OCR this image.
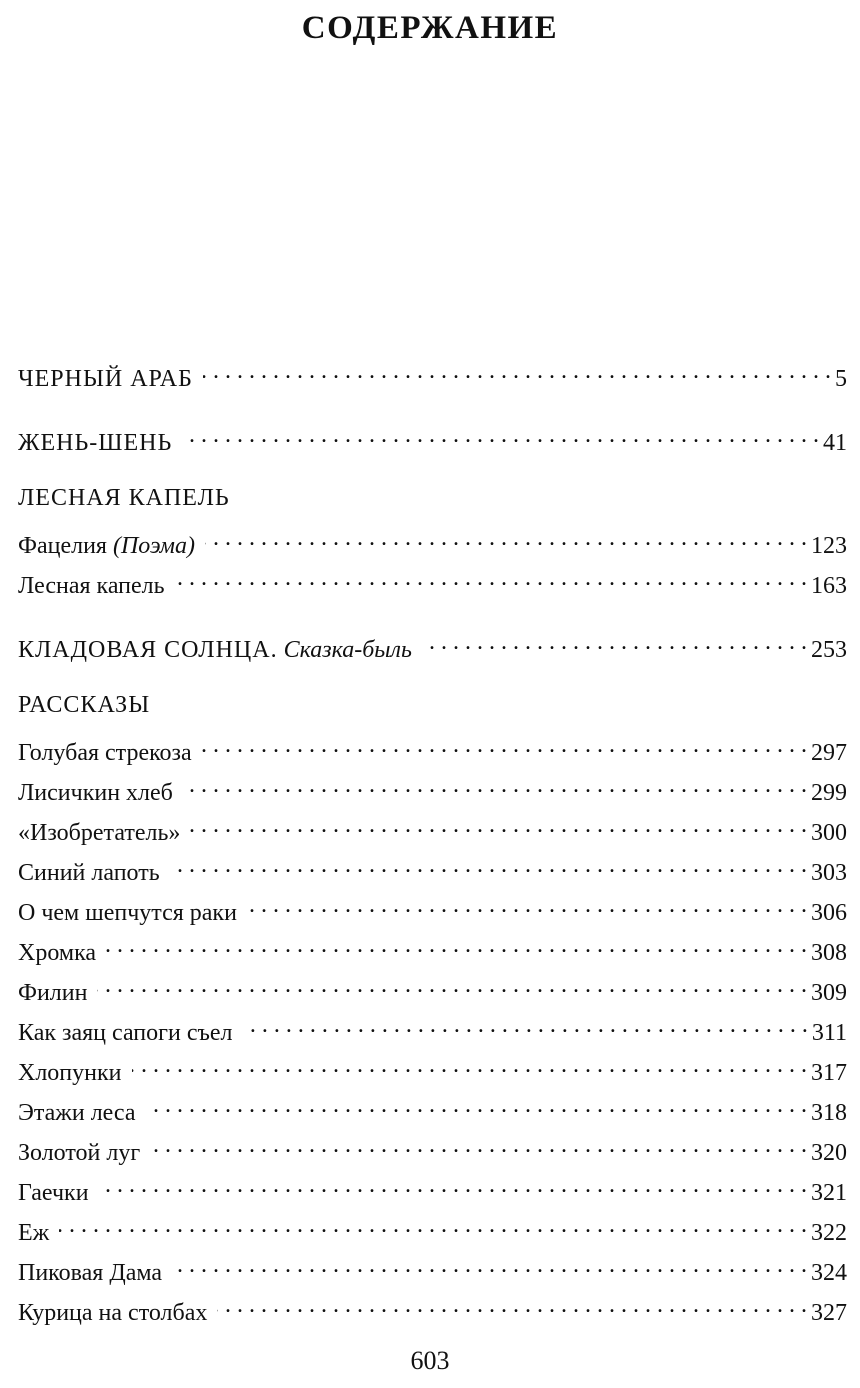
СОДЕРЖАНИЕ
ЧЕРНЫЙ АРАБ . . .	5
ЖЕНЬ-ШЕНЬ . . .	41
ЛЕСНАЯ КАПЕЛЬ
Фацелия (Поэма) . . .	123
Лесная капель . . .	163
КЛАДОВАЯ СОЛНЦА. Сказка-быль . . .	253
РАССКАЗЫ
Голубая стрекоза . . .	297
Лисичкин хлеб . . .	299
«Изобретатель» . . .	300
Синий лапоть . . .	303
О чем шепчутся раки . . .	306
Хромка . . .	308
Филин . . .	309
Как заяц сапоги съел . . .	311
Хлопунки . . .	317
Этажи леса . . .	318
Золотой луг . . .	320
Гаечки . . .	321
Еж . . .	322
Пиковая Дама . . .	324
Курица на столбах . . .	327
603
